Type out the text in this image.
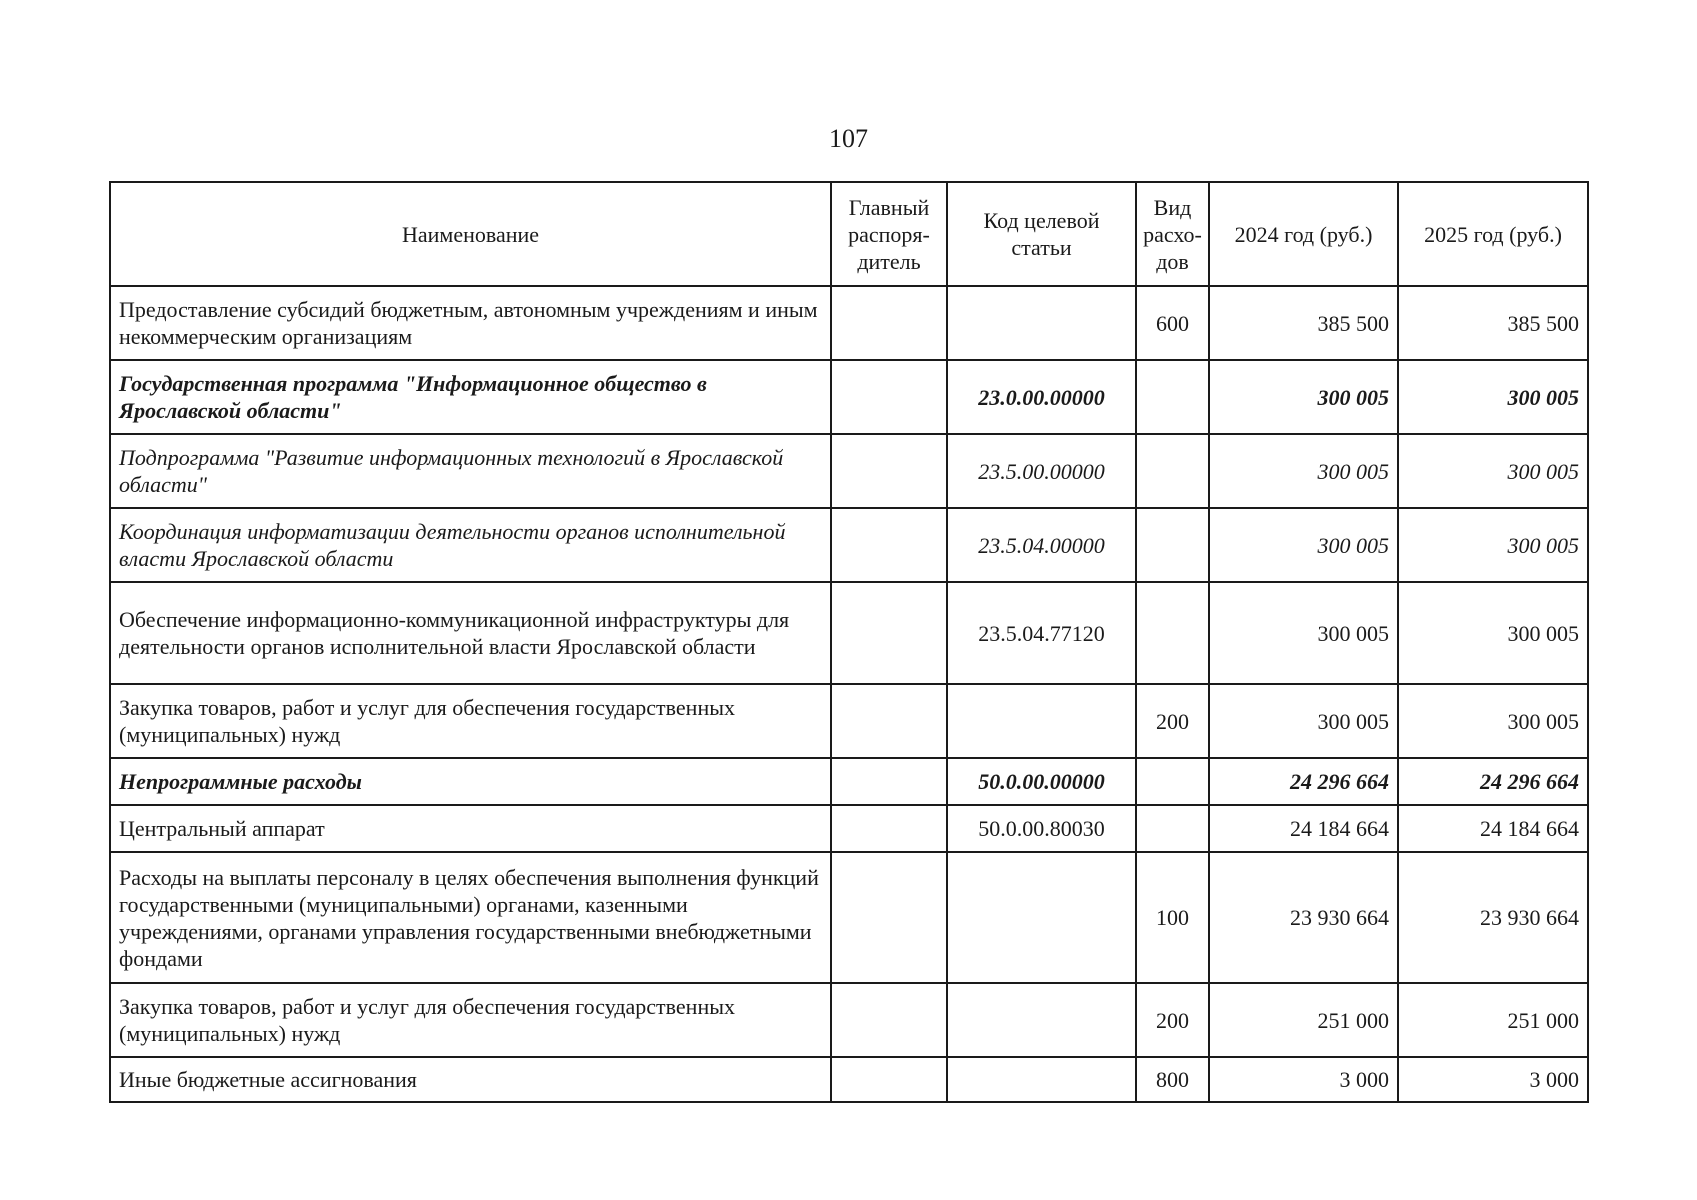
107
Наименование	Главный распоря-дитель	Код целевой статьи	Вид расхо-дов	2024 год (руб.)	2025 год (руб.)
Предоставление субсидий бюджетным, автономным учреждениям и иным некоммерческим организациям			600	385 500	385 500
Государственная программа "Информационное общество в Ярославской области"		23.0.00.00000		300 005	300 005
Подпрограмма "Развитие информационных технологий в Ярославской области"		23.5.00.00000		300 005	300 005
Координация информатизации деятельности органов исполнительной власти Ярославской области		23.5.04.00000		300 005	300 005
Обеспечение информационно-коммуникационной инфраструктуры для деятельности органов исполнительной власти Ярославской области		23.5.04.77120		300 005	300 005
Закупка товаров, работ и услуг для обеспечения государственных (муниципальных) нужд			200	300 005	300 005
Непрограммные расходы		50.0.00.00000		24 296 664	24 296 664
Центральный аппарат		50.0.00.80030		24 184 664	24 184 664
Расходы на выплаты персоналу в целях обеспечения выполнения функций государственными (муниципальными) органами, казенными учреждениями, органами управления государственными внебюджетными фондами			100	23 930 664	23 930 664
Закупка товаров, работ и услуг для обеспечения государственных (муниципальных) нужд			200	251 000	251 000
Иные бюджетные ассигнования			800	3 000	3 000
